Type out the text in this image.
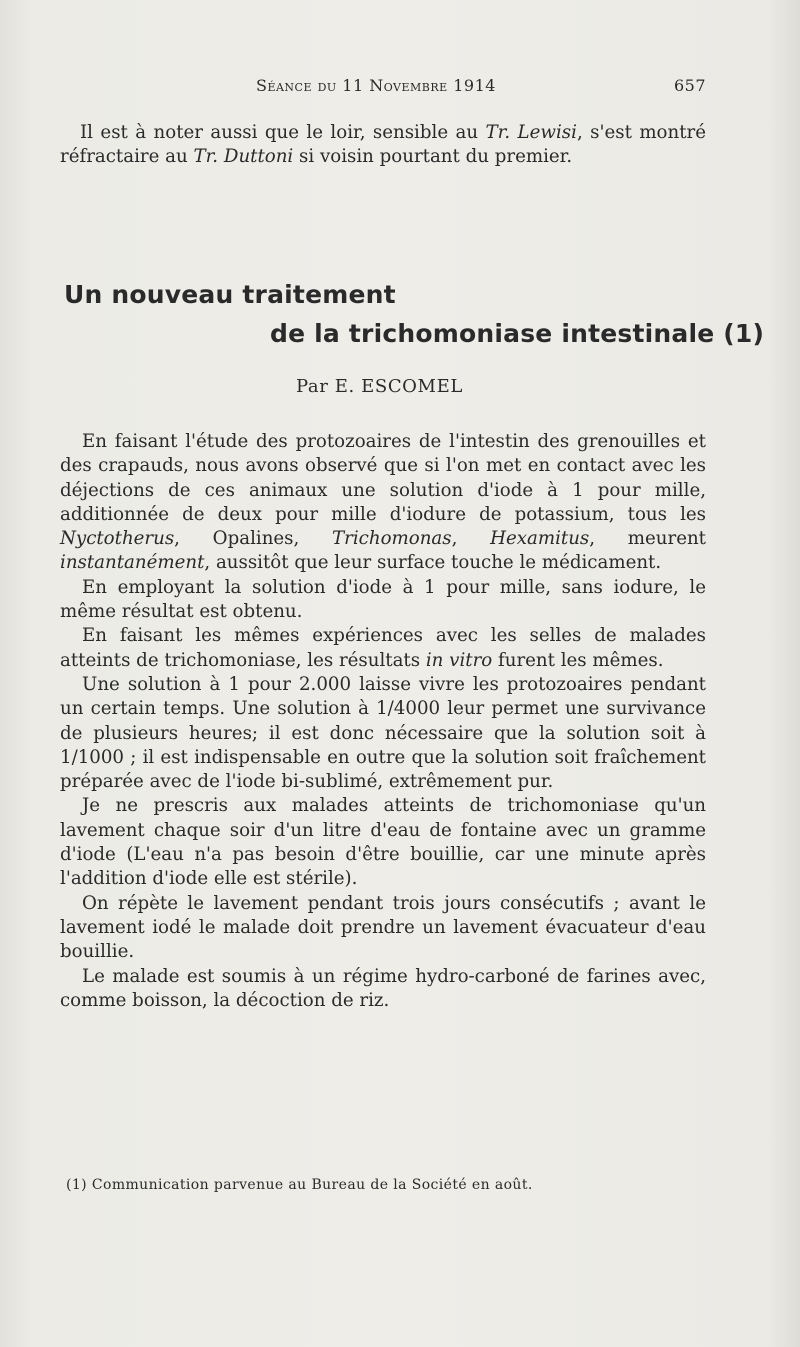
Séance du 11 Novembre 1914	657

Il est à noter aussi que le loir, sensible au Tr. Lewisi, s'est montré réfractaire au Tr. Duttoni si voisin pourtant du premier.

Un nouveau traitement
de la trichomoniase intestinale (1)
Par E. ESCOMEL

En faisant l'étude des protozoaires de l'intestin des grenouilles et des crapauds, nous avons observé que si l'on met en contact avec les déjections de ces animaux une solution d'iode à 1 pour mille, additionnée de deux pour mille d'iodure de potassium, tous les Nyctotherus, Opalines, Trichomonas, Hexamitus, meurent instantanément, aussitôt que leur surface touche le médicament.

En employant la solution d'iode à 1 pour mille, sans iodure, le même résultat est obtenu.

En faisant les mêmes expériences avec les selles de malades atteints de trichomoniase, les résultats in vitro furent les mêmes.

Une solution à 1 pour 2.000 laisse vivre les protozoaires pendant un certain temps. Une solution à 1/4000 leur permet une survivance de plusieurs heures; il est donc nécessaire que la solution soit à 1/1000 ; il est indispensable en outre que la solution soit fraîchement préparée avec de l'iode bi-sublimé, extrêmement pur.

Je ne prescris aux malades atteints de trichomoniase qu'un lavement chaque soir d'un litre d'eau de fontaine avec un gramme d'iode (L'eau n'a pas besoin d'être bouillie, car une minute après l'addition d'iode elle est stérile).

On répète le lavement pendant trois jours consécutifs ; avant le lavement iodé le malade doit prendre un lavement évacuateur d'eau bouillie.

Le malade est soumis à un régime hydro-carboné de farines avec, comme boisson, la décoction de riz.

(1) Communication parvenue au Bureau de la Société en août.
